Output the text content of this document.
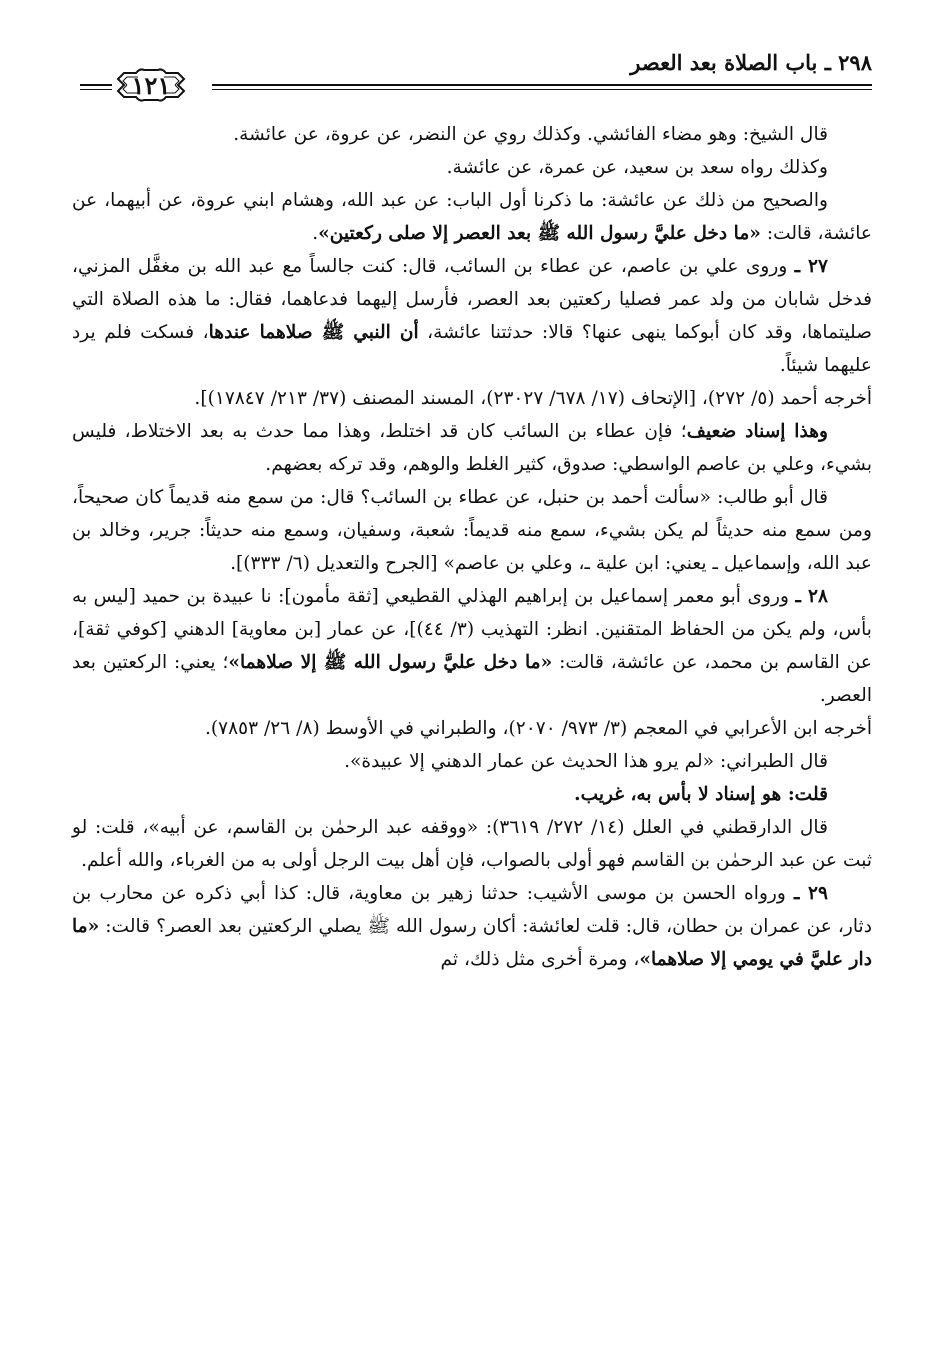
٢٩٨ ـ باب الصلاة بعد العصر
١٢١

قال الشيخ: وهو مضاء الفائشي. وكذلك روي عن النضر، عن عروة، عن عائشة.

وكذلك رواه سعد بن سعيد، عن عمرة، عن عائشة.

والصحيح من ذلك عن عائشة: ما ذكرنا أول الباب: عن عبد الله، وهشام ابني عروة، عن أبيهما، عن عائشة، قالت: «ما دخل عليَّ رسول الله ﷺ بعد العصر إلا صلى ركعتين».

٢٧ ـ وروى علي بن عاصم، عن عطاء بن السائب، قال: كنت جالساً مع عبد الله بن مغفَّل المزني، فدخل شابان من ولد عمر فصليا ركعتين بعد العصر، فأرسل إليهما فدعاهما، فقال: ما هذه الصلاة التي صليتماها، وقد كان أبوكما ينهى عنها؟ قالا: حدثتنا عائشة، أن النبي ﷺ صلاهما عندها، فسكت فلم يرد عليهما شيئاً.

أخرجه أحمد (٥/ ٢٧٢)، [الإتحاف (١٧/ ٦٧٨/ ٢٣٠٢٧)، المسند المصنف (٣٧/ ٢١٣/ ١٧٨٤٧)].

وهذا إسناد ضعيف؛ فإن عطاء بن السائب كان قد اختلط، وهذا مما حدث به بعد الاختلاط، فليس بشيء، وعلي بن عاصم الواسطي: صدوق، كثير الغلط والوهم، وقد تركه بعضهم.

قال أبو طالب: «سألت أحمد بن حنبل، عن عطاء بن السائب؟ قال: من سمع منه قديماً كان صحيحاً، ومن سمع منه حديثاً لم يكن بشيء، سمع منه قديماً: شعبة، وسفيان، وسمع منه حديثاً: جرير، وخالد بن عبد الله، وإسماعيل ـ يعني: ابن علية ـ، وعلي بن عاصم» [الجرح والتعديل (٦/ ٣٣٣)].

٢٨ ـ وروى أبو معمر إسماعيل بن إبراهيم الهذلي القطيعي [ثقة مأمون]: نا عبيدة بن حميد [ليس به بأس، ولم يكن من الحفاظ المتقنين. انظر: التهذيب (٣/ ٤٤)]، عن عمار [بن معاوية] الدهني [كوفي ثقة]، عن القاسم بن محمد، عن عائشة، قالت: «ما دخل عليَّ رسول الله ﷺ إلا صلاهما»؛ يعني: الركعتين بعد العصر.

أخرجه ابن الأعرابي في المعجم (٣/ ٩٧٣/ ٢٠٧٠)، والطبراني في الأوسط (٨/ ٢٦/ ٧٨٥٣).

قال الطبراني: «لم يرو هذا الحديث عن عمار الدهني إلا عبيدة».

قلت: هو إسناد لا بأس به، غريب.

قال الدارقطني في العلل (١٤/ ٢٧٢/ ٣٦١٩): «ووقفه عبد الرحمٰن بن القاسم، عن أبيه»، قلت: لو ثبت عن عبد الرحمٰن بن القاسم فهو أولى بالصواب، فإن أهل بيت الرجل أولى به من الغرباء، والله أعلم.

٢٩ ـ ورواه الحسن بن موسى الأشيب: حدثنا زهير بن معاوية، قال: كذا أبي ذكره عن محارب بن دثار، عن عمران بن حطان، قال: قلت لعائشة: أكان رسول الله ﷺ يصلي الركعتين بعد العصر؟ قالت: «ما دار عليَّ في يومي إلا صلاهما»، ومرة أخرى مثل ذلك، ثم
